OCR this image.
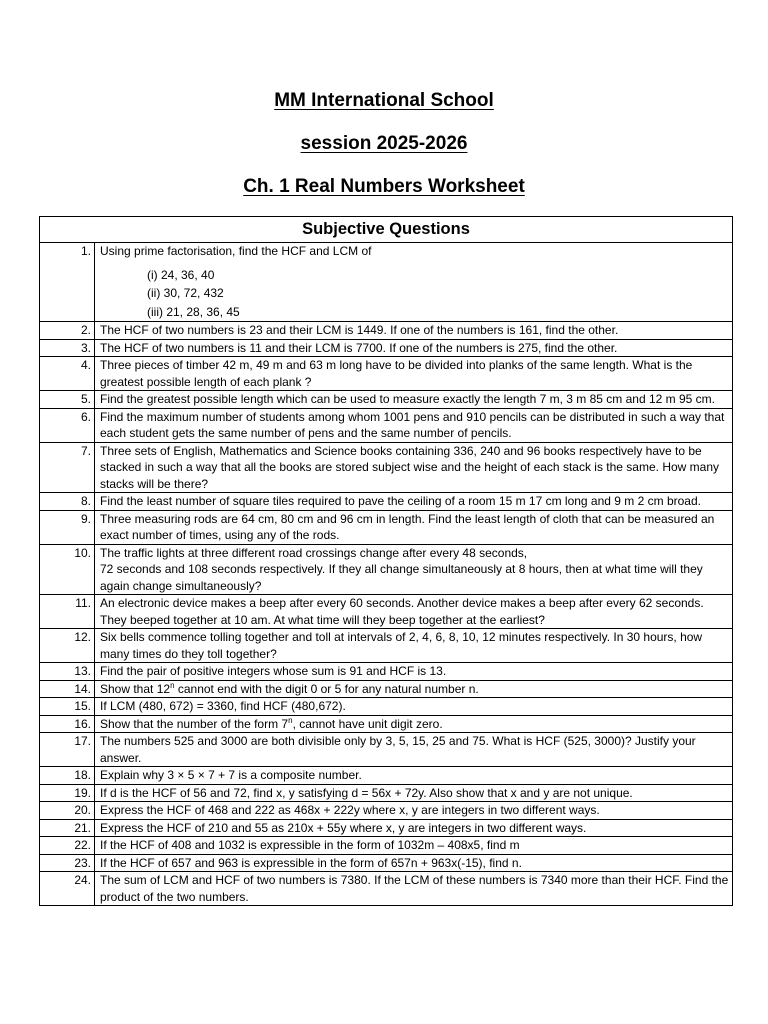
MM International School
session 2025-2026
Ch. 1 Real Numbers Worksheet
Subjective Questions	
1.	Using prime factorisation, find the HCF and LCM of
(i) 24, 36, 40
(ii) 30, 72, 432
(iii) 21, 28, 36, 45

2.	The HCF of two numbers is 23 and their LCM is 1449. If one of the numbers is 161, find the other.

3.	The HCF of two numbers is 11 and their LCM is 7700. If one of the numbers is 275, find the other.

4.	Three pieces of timber 42 m, 49 m and 63 m long have to be divided into planks of the same length. What is the greatest possible length of each plank ?

5.	Find the greatest possible length which can be used to measure exactly the length 7 m, 3 m 85 cm and 12 m 95 cm.

6.	Find the maximum number of students among whom 1001 pens and 910 pencils can be distributed in such a way that each student gets the same number of pens and the same number of pencils.

7.	Three sets of English, Mathematics and Science books containing 336, 240 and 96 books respectively have to be stacked in such a way that all the books are stored subject wise and the height of each stack is the same. How many stacks will be there?

8.	Find the least number of square tiles required to pave the ceiling of a room 15 m 17 cm long and 9 m 2 cm broad.

9.	Three measuring rods are 64 cm, 80 cm and 96 cm in length. Find the least length of cloth that can be measured an exact number of times, using any of the rods.

10.	The traffic lights at three different road crossings change after every 48 seconds,
72 seconds and 108 seconds respectively. If they all change simultaneously at 8 hours, then at what time will they again change simultaneously?

11.	An electronic device makes a beep after every 60 seconds. Another device makes a beep after every 62 seconds. They beeped together at 10 am. At what time will they beep together at the earliest?

12.	Six bells commence tolling together and toll at intervals of 2, 4, 6, 8, 10, 12 minutes respectively. In 30 hours, how many times do they toll together?

13.	Find the pair of positive integers whose sum is 91 and HCF is 13.

14.	Show that 12$^n$ cannot end with the digit 0 or 5 for any natural number n.
15.	If LCM (480, 672) = 3360, find HCF (480,672).

16.	Show that the number of the form 7$^n$, cannot have unit digit zero.
17.	The numbers 525 and 3000 are both divisible only by 3, 5, 15, 25 and 75. What is HCF (525, 3000)? Justify your answer.

18.	Explain why 3 × 5 × 7 + 7 is a composite number.

19.	If d is the HCF of 56 and 72, find x, y satisfying d = 56x + 72y. Also show that x and y are not unique.

20.	Express the HCF of 468 and 222 as 468x + 222y where x, y are integers in two different ways.

21.	Express the HCF of 210 and 55 as 210x + 55y where x, y are integers in two different ways.

22.	If the HCF of 408 and 1032 is expressible in the form of 1032m – 408x5, find m

23.	If the HCF of 657 and 963 is expressible in the form of 657n + 963x(-15), find n.

24.	The sum of LCM and HCF of two numbers is 7380. If the LCM of these numbers is 7340 more than their HCF. Find the product of the two numbers.
